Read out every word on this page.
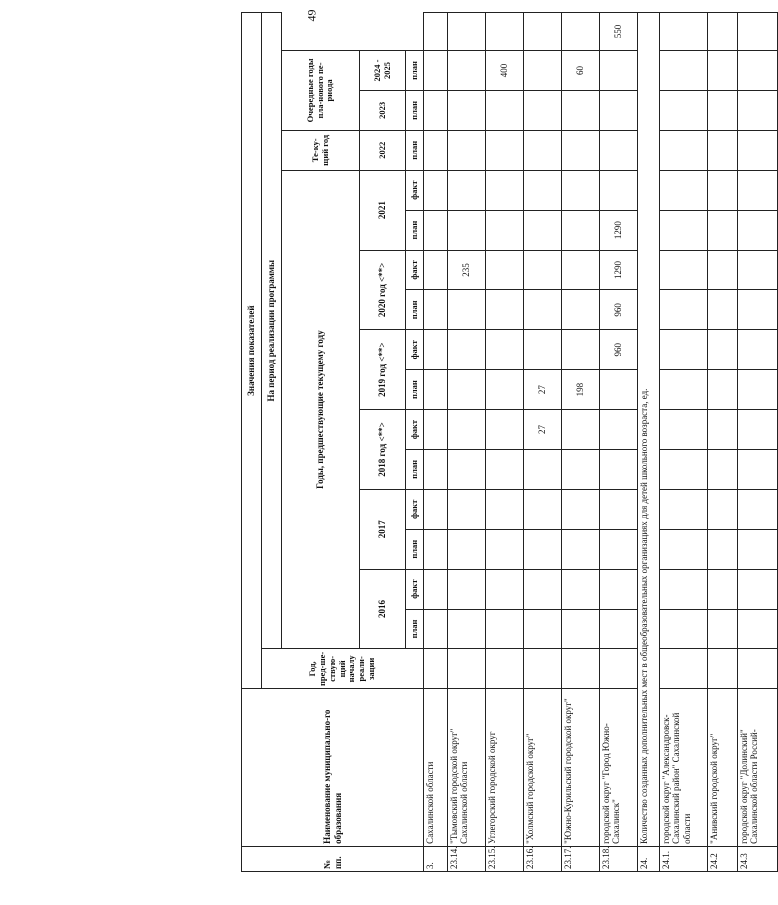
49
№ пп.	Наименование муниципально-го образования	Значения показателей																
		Год, пред-ше-ствую-щий началу реали-зации	На период реализации программы															
			Годы, предшествующие текущему году												Те-ку-щий год	Очередные годы пла-нового пе-риода		
			2016		2017		2018 год <**>		2019 год <**>		2020 год <**>		2021		2022	2023	2024 - 2025	
			план	факт	план	факт	план	факт	план	факт	план	факт	план	факт	план	план	план	
3.	Сахалинской области																	
23.14.	"Тымовский городской округ" Сахалинской области											235						
23.15.	Углегорский городской округ																400	
23.16.	"Холмский городской округ"							27	27									
23.17.	"Южно-Курильский городской округ"								198								60	
23.18.	городской округ "Город Южно-Сахалинск"									960	960	1290	1290					550
24.	Количество созданных дополнительных мест в общеобразовательных организациях для детей школьного возраста, ед.																	
24.1.	городской округ "Александровск-Сахалинский район" Сахалинской области																	
24.2	"Анивский городской округ"																	
24.3	городской округ "Долинский" Сахалинской области Россий-																	
